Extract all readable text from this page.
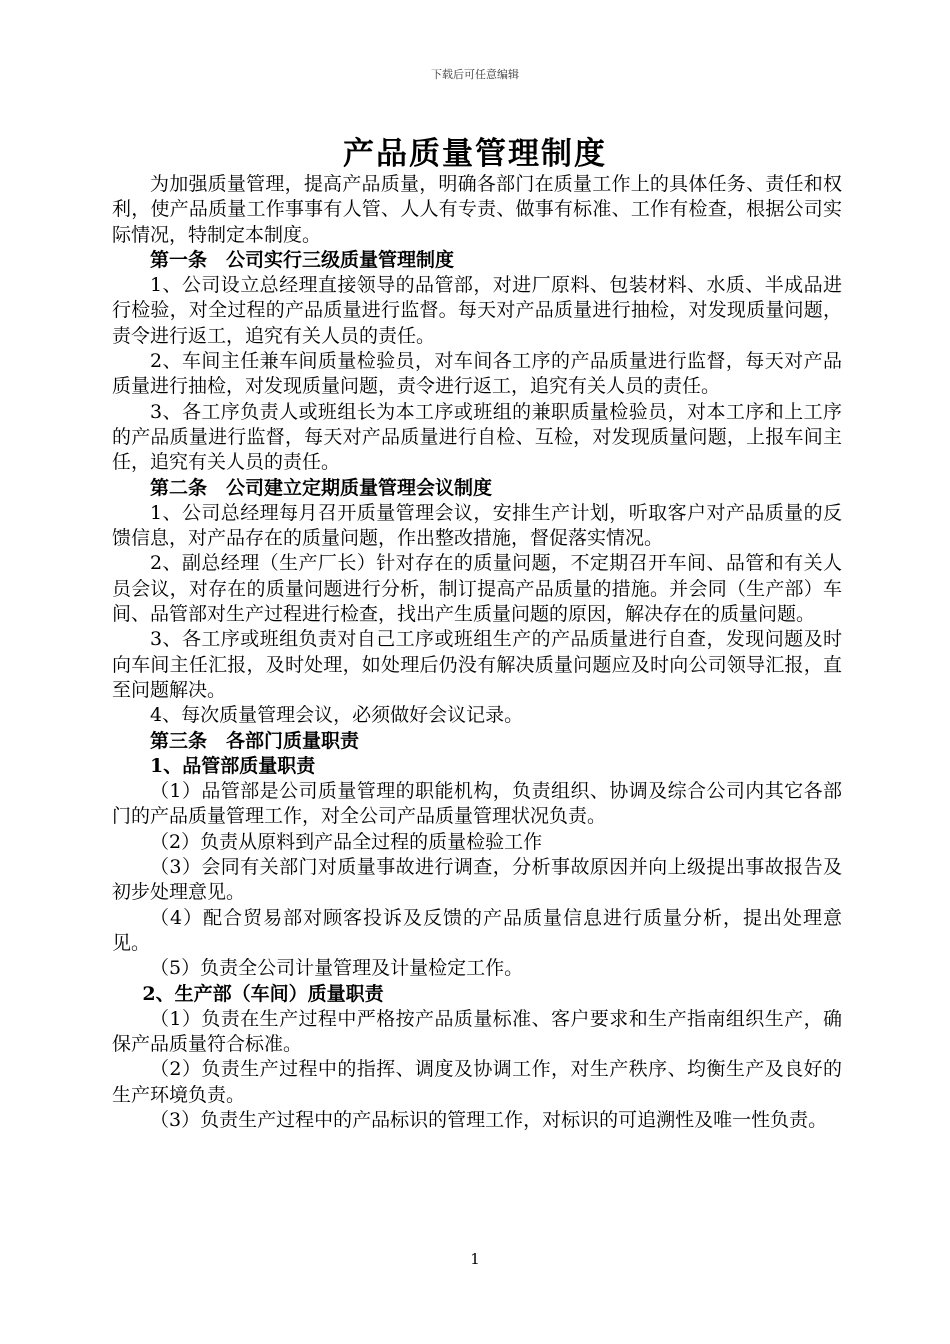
下载后可任意编辑
产品质量管理制度

为加强质量管理，提高产品质量，明确各部门在质量工作上的具体任务、责任和权利，使产品质量工作事事有人管、人人有专责、做事有标准、工作有检查，根据公司实际情况，特制定本制度。

第一条　公司实行三级质量管理制度

1、公司设立总经理直接领导的品管部，对进厂原料、包装材料、水质、半成品进行检验，对全过程的产品质量进行监督。每天对产品质量进行抽检，对发现质量问题，责令进行返工，追究有关人员的责任。

2、车间主任兼车间质量检验员，对车间各工序的产品质量进行监督，每天对产品质量进行抽检，对发现质量问题，责令进行返工，追究有关人员的责任。

3、各工序负责人或班组长为本工序或班组的兼职质量检验员，对本工序和上工序的产品质量进行监督，每天对产品质量进行自检、互检，对发现质量问题，上报车间主任，追究有关人员的责任。

第二条　公司建立定期质量管理会议制度

1、公司总经理每月召开质量管理会议，安排生产计划，听取客户对产品质量的反馈信息，对产品存在的质量问题，作出整改措施，督促落实情况。

2、副总经理（生产厂长）针对存在的质量问题，不定期召开车间、品管和有关人员会议，对存在的质量问题进行分析，制订提高产品质量的措施。并会同（生产部）车间、品管部对生产过程进行检查，找出产生质量问题的原因，解决存在的质量问题。

3、各工序或班组负责对自己工序或班组生产的产品质量进行自查，发现问题及时向车间主任汇报，及时处理，如处理后仍没有解决质量问题应及时向公司领导汇报，直至问题解决。

4、每次质量管理会议，必须做好会议记录。

第三条　各部门质量职责

1、品管部质量职责

（1）品管部是公司质量管理的职能机构，负责组织、协调及综合公司内其它各部门的产品质量管理工作，对全公司产品质量管理状况负责。

（2）负责从原料到产品全过程的质量检验工作

（3）会同有关部门对质量事故进行调查，分析事故原因并向上级提出事故报告及初步处理意见。

（4）配合贸易部对顾客投诉及反馈的产品质量信息进行质量分析，提出处理意见。

（5）负责全公司计量管理及计量检定工作。

2、生产部（车间）质量职责

（1）负责在生产过程中严格按产品质量标准、客户要求和生产指南组织生产，确保产品质量符合标准。

（2）负责生产过程中的指挥、调度及协调工作，对生产秩序、均衡生产及良好的生产环境负责。

（3）负责生产过程中的产品标识的管理工作，对标识的可追溯性及唯一性负责。

1
